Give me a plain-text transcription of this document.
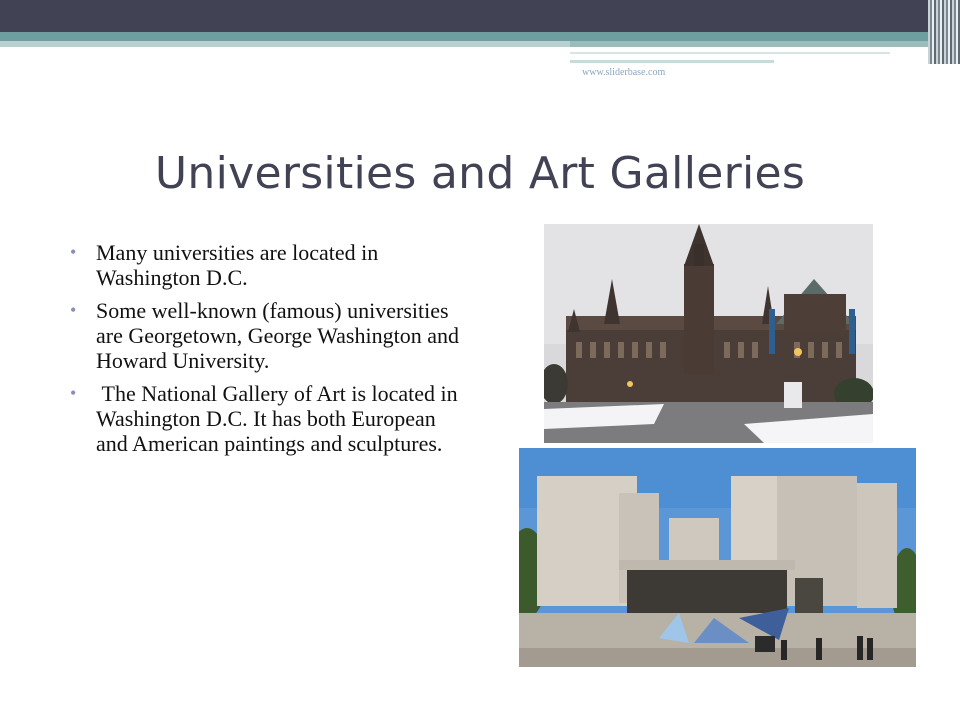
www.sliderbase.com
Universities and Art Galleries
• Many universities are located in Washington D.C.
• Some well-known (famous) universities are Georgetown, George Washington and Howard University.
• The National Gallery of Art is located in Washington D.C. It has both European and American paintings and sculptures.
